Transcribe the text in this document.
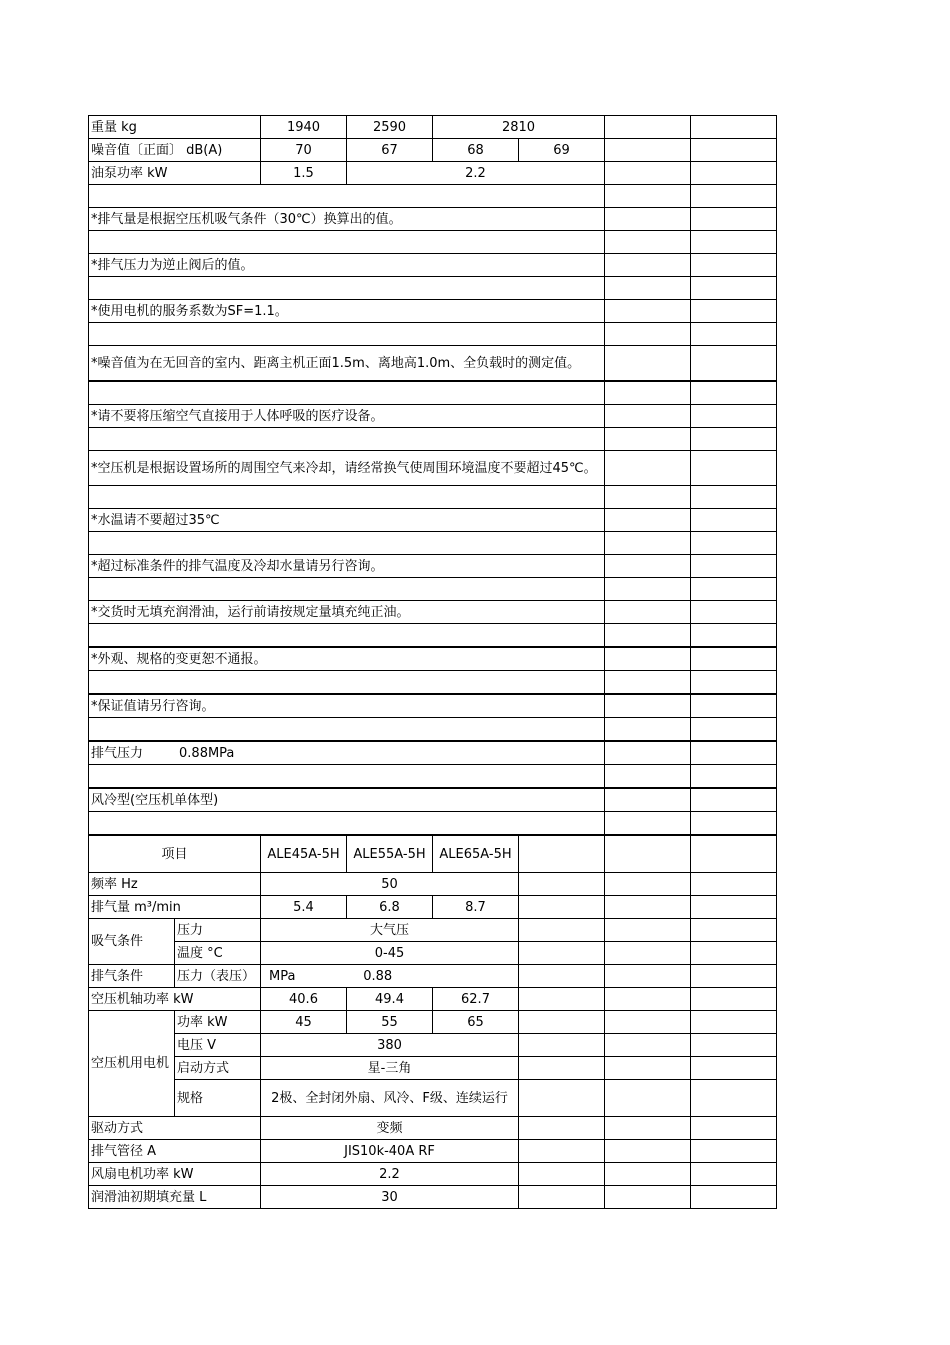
重量 kg		1940	2590	2810			
噪音值〔正面〕 dB(A)		70	67	68	69		
油泵功率 kW		1.5	2.2				

*排气量是根据空压机吸气条件（30℃）换算出的值。							

*排气压力为逆止阀后的值。							

*使用电机的服务系数为SF=1.1。							

*噪音值为在无回音的室内、距离主机正面1.5m、离地高1.0m、全负载时的测定值。							

*请不要将压缩空气直接用于人体呼吸的医疗设备。							

*空压机是根据设置场所的周围空气来冷却，请经常换气使周围环境温度不要超过45℃。							

*水温请不要超过35℃							

*超过标准条件的排气温度及冷却水量请另行咨询。							

*交货时无填充润滑油，运行前请按规定量填充纯正油。							

*外观、规格的变更恕不通报。							

*保证值请另行咨询。							

排气压力 0.88MPa							

风冷型(空压机单体型)							

项目		ALE45A-5H	ALE55A-5H	ALE65A-5H			
频率 Hz		50					
排气量 m³/min		5.4	6.8	8.7			
吸气条件	压力	大气压					
	温度 °C	0-45					
排气条件	压力（表压）	MPa 0.88					

空压机轴功率 kW		40.6	49.4	62.7			
空压机用电机	功率 kW	45	55	65			
	电压 V	380					
	启动方式	星-三角					
	规格	2极、全封闭外扇、风冷、F级、连续运行					
驱动方式		变频					
排气管径 A		JIS10k-40A RF					
风扇电机功率 kW		2.2					
润滑油初期填充量 L		30					
